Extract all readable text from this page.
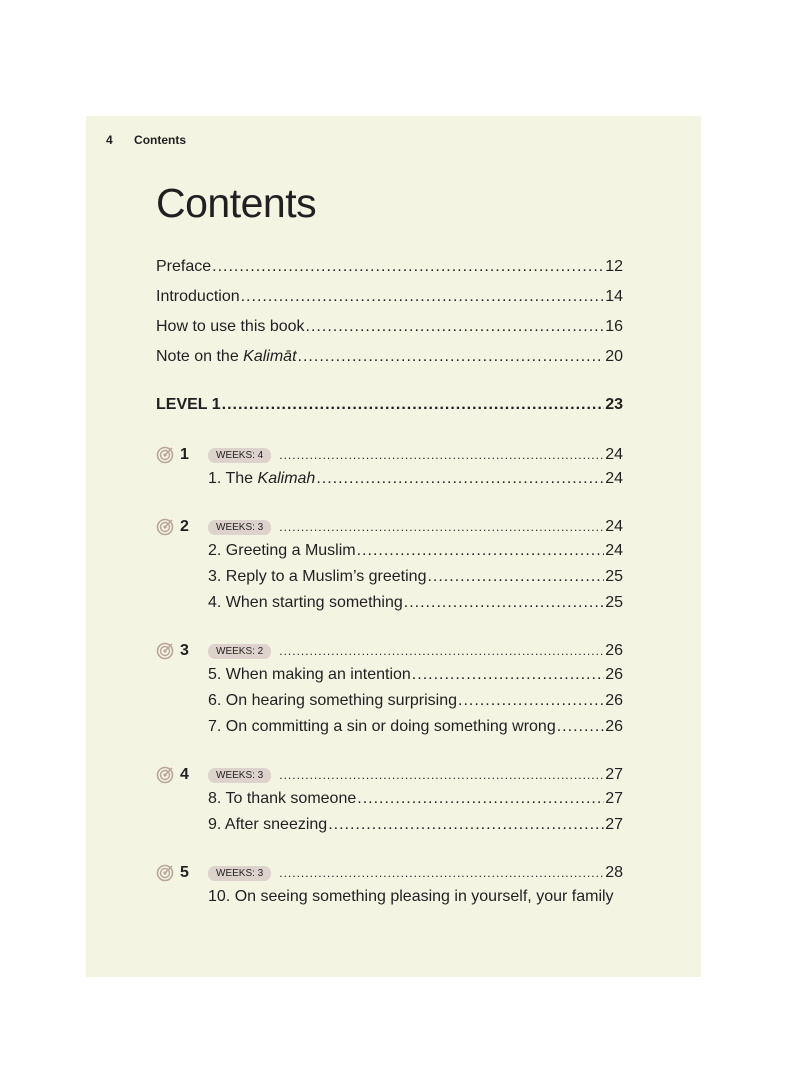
4 Contents
Contents
Preface .....	12
Introduction .....	14
How to use this book .....	16
Note on the Kalimāt .....	20
LEVEL 1 .....	23
1	WEEKS: 4 .....	24
1. The Kalimah .....	24
2	WEEKS: 3 .....	24
2. Greeting a Muslim .....	24
3. Reply to a Muslim’s greeting .....	25
4. When starting something .....	25
3	WEEKS: 2 .....	26
5. When making an intention .....	26
6. On hearing something surprising .....	26
7. On committing a sin or doing something wrong .....	26
4	WEEKS: 3 .....	27
8. To thank someone .....	27
9. After sneezing .....	27
5	WEEKS: 3 .....	28
10. On seeing something pleasing in yourself, your family
